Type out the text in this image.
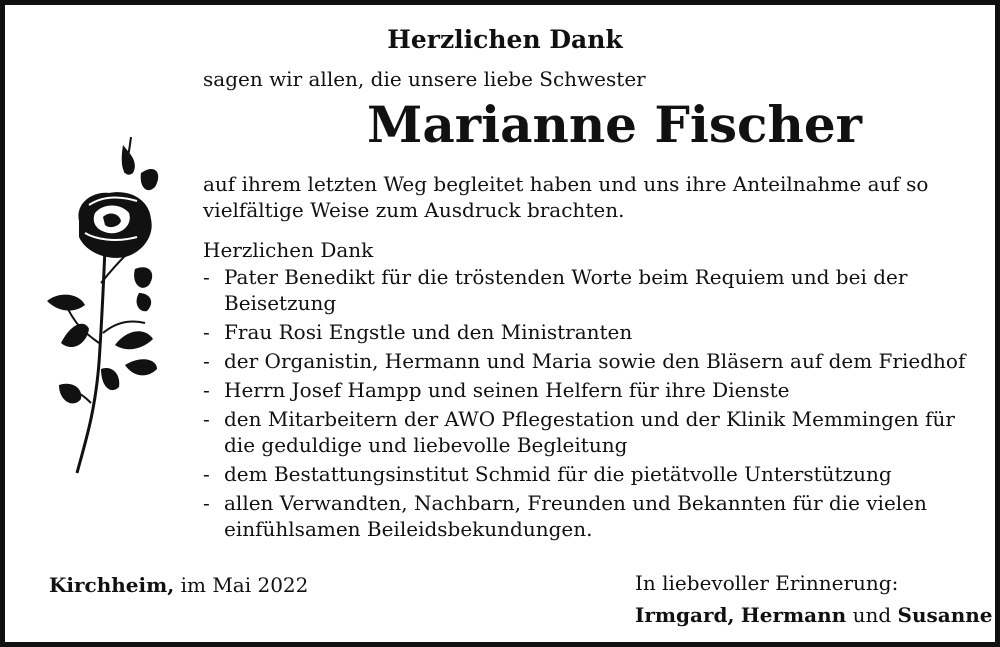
Herzlichen Dank
sagen wir allen, die unsere liebe Schwester
Marianne Fischer
auf ihrem letzten Weg begleitet haben und uns ihre Anteilnahme auf so vielfältige Weise zum Ausdruck brachten.
Herzlichen Dank
- Pater Benedikt für die tröstenden Worte beim Requiem und bei der Beisetzung
- Frau Rosi Engstle und den Ministranten
- der Organistin, Hermann und Maria sowie den Bläsern auf dem Friedhof
- Herrn Josef Hampp und seinen Helfern für ihre Dienste
- den Mitarbeitern der AWO Pflegestation und der Klinik Memmingen für die geduldige und liebevolle Begleitung
- dem Bestattungsinstitut Schmid für die pietätvolle Unterstützung
- allen Verwandten, Nachbarn, Freunden und Bekannten für die vielen einfühlsamen Beileidsbekundungen.
Kirchheim, im Mai 2022	In liebevoller Erinnerung:
Irmgard, Hermann und Susanne
